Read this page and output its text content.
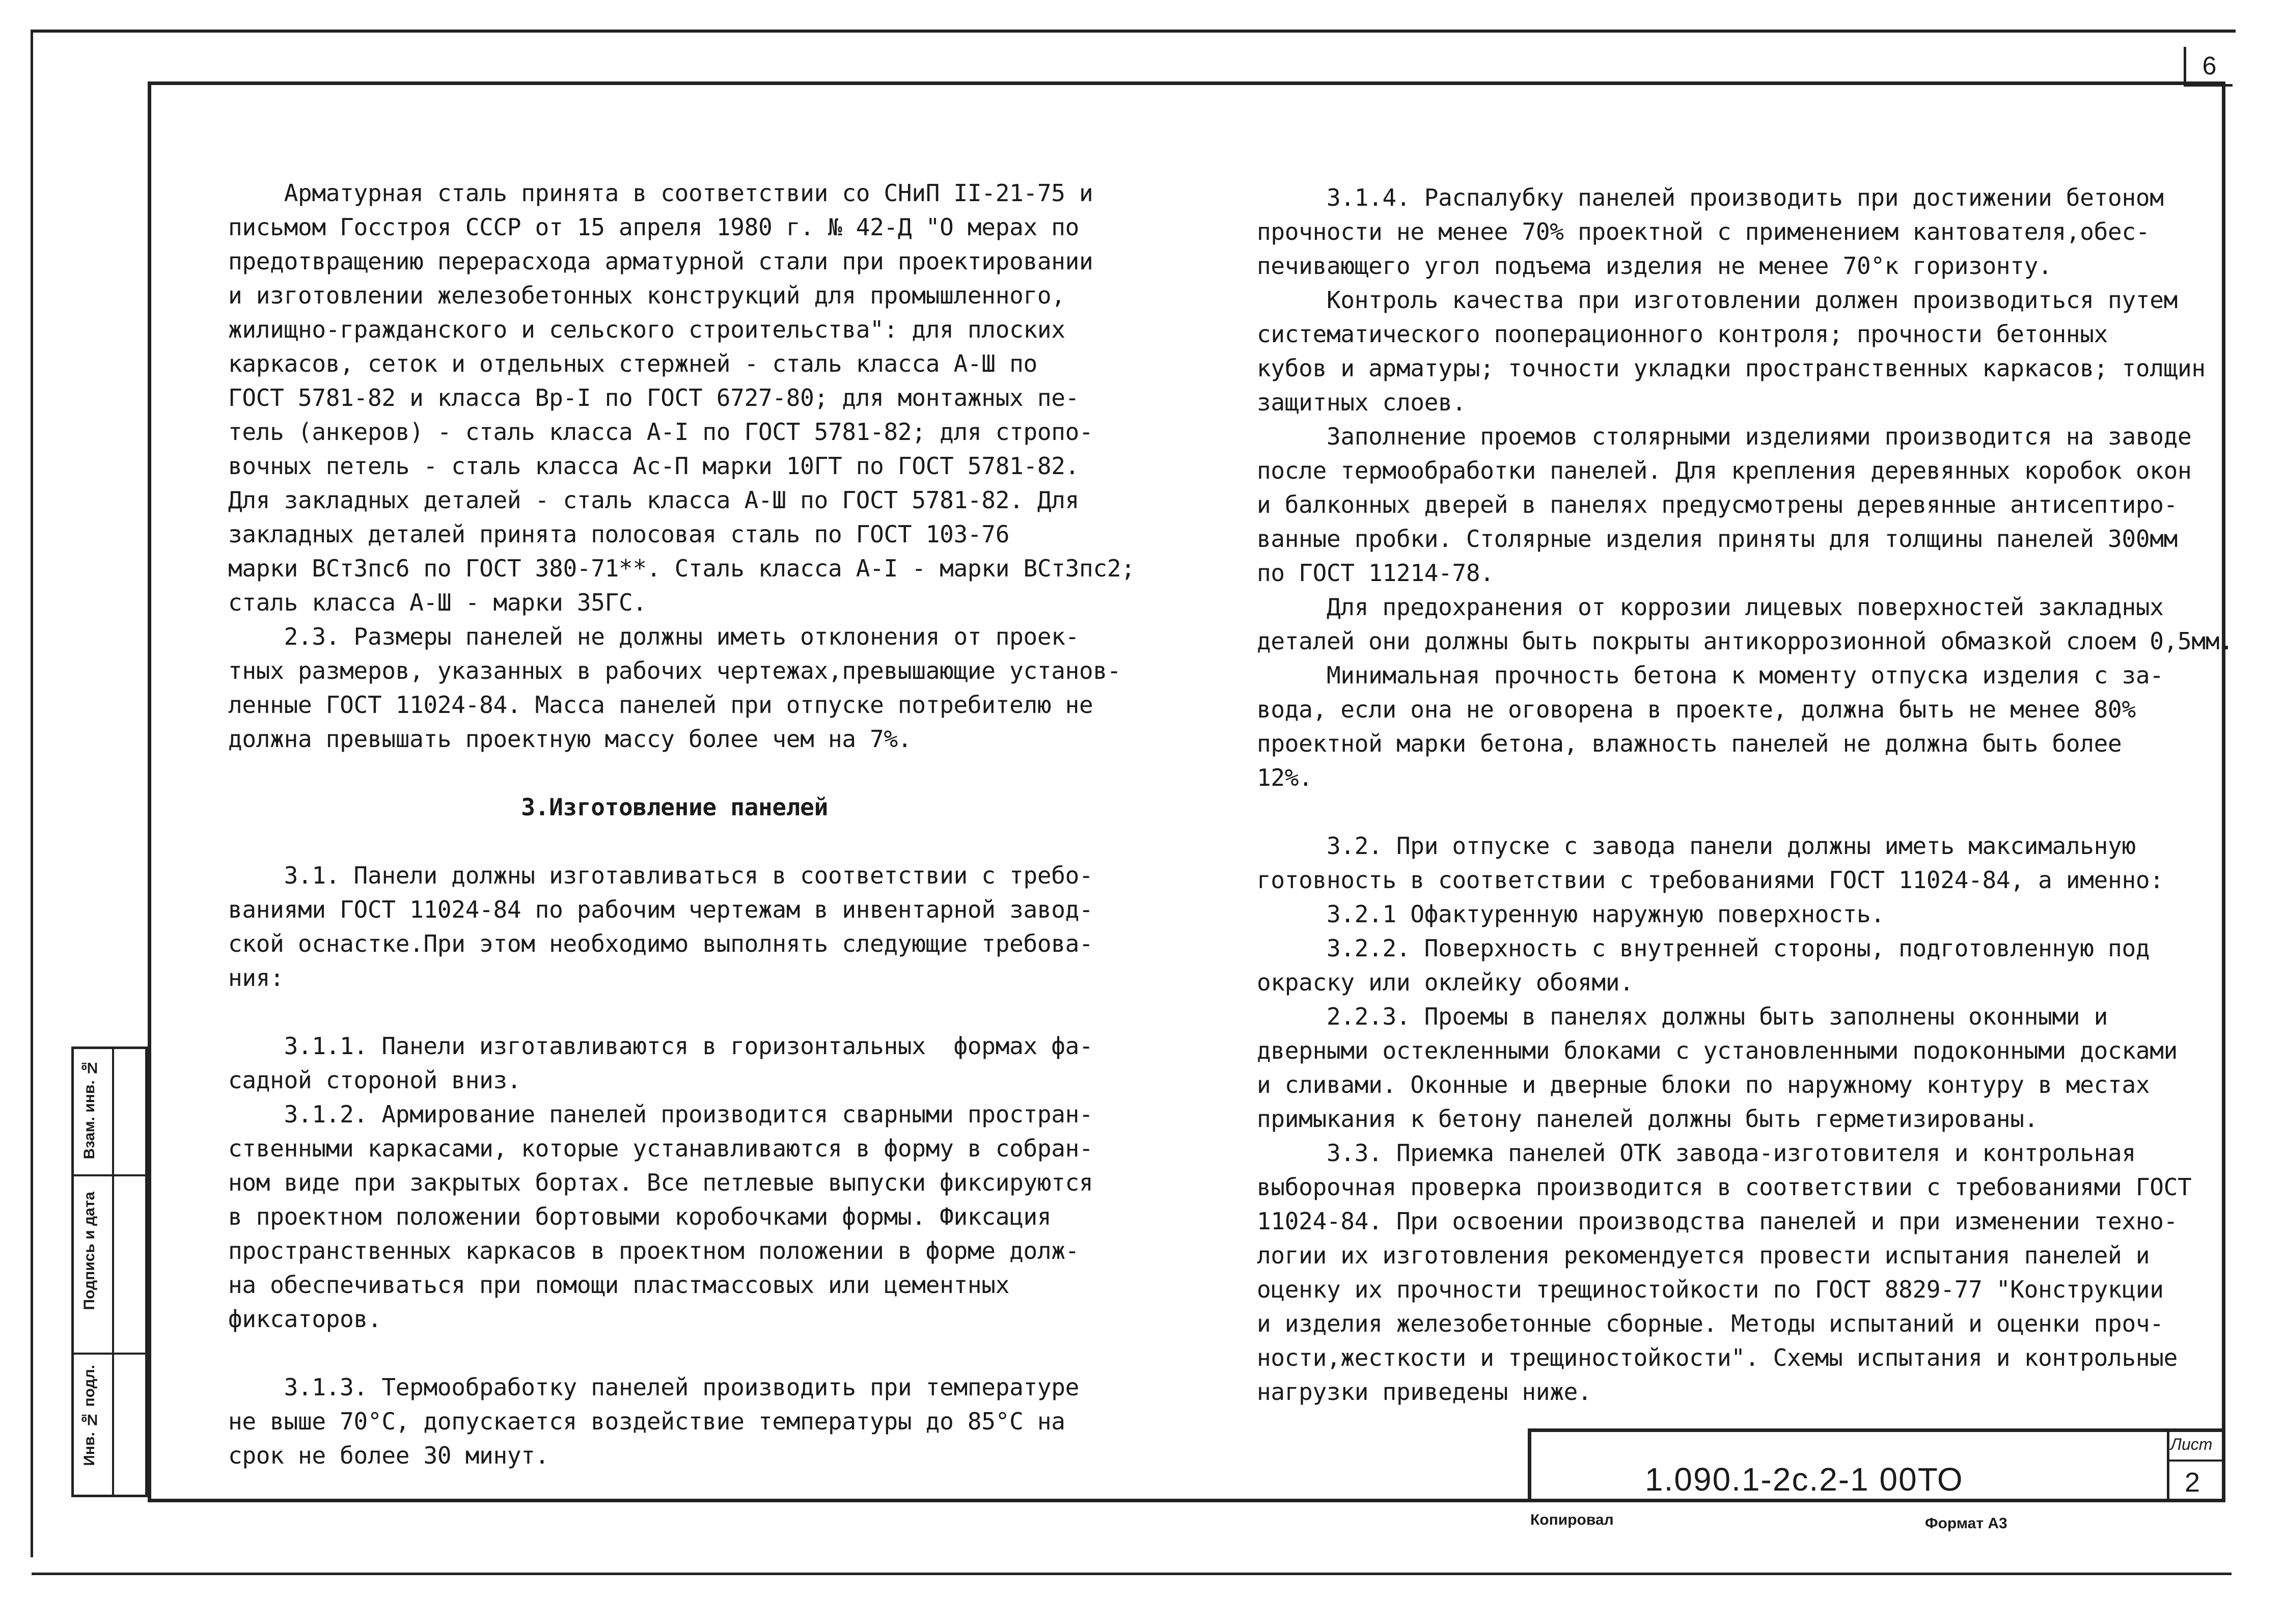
6
Арматурная сталь принята в соответствии со СНиП II-21-75 и
письмом Госстроя СССР от 15 апреля 1980 г. № 42-Д "О мерах по
предотвращению перерасхода арматурной стали при проектировании
и изготовлении железобетонных конструкций для промышленного,
жилищно-гражданского и сельского строительства": для плоских
каркасов, сеток и отдельных стержней - сталь класса А-Ш по
ГОСТ 5781-82 и класса Вр-I по ГОСТ 6727-80; для монтажных пе-
тель (анкеров) - сталь класса A-I по ГОСТ 5781-82; для стропо-
вочных петель - сталь класса Ас-П марки 10ГТ по ГОСТ 5781-82.
Для закладных деталей - сталь класса А-Ш по ГОСТ 5781-82. Для
закладных деталей принята полосовая сталь по ГОСТ 103-76
марки ВСт3пс6 по ГОСТ 380-71**. Сталь класса A-I - марки ВСт3пс2;
сталь класса А-Ш - марки 35ГС.
2.3. Размеры панелей не должны иметь отклонения от проек-
тных размеров, указанных в рабочих чертежах,превышающие установ-
ленные ГОСТ 11024-84. Масса панелей при отпуске потребителю не
должна превышать проектную массу более чем на 7%.

3.Изготовление панелей

3.1. Панели должны изготавливаться в соответствии с требо-
ваниями ГОСТ 11024-84 по рабочим чертежам в инвентарной завод-
ской оснастке.При этом необходимо выполнять следующие требова-
ния:

3.1.1. Панели изготавливаются в горизонтальных  формах фа-
садной стороной вниз.
3.1.2. Армирование панелей производится сварными простран-
ственными каркасами, которые устанавливаются в форму в собран-
ном виде при закрытых бортах. Все петлевые выпуски фиксируются
в проектном положении бортовыми коробочками формы. Фиксация
пространственных каркасов в проектном положении в форме долж-
на обеспечиваться при помощи пластмассовых или цементных
фиксаторов.

3.1.3. Термообработку панелей производить при температуре
не выше 70°С, допускается воздействие температуры до 85°С на
срок не более 30 минут.
3.1.4. Распалубку панелей производить при достижении бетоном
прочности не менее 70% проектной с применением кантователя,обес-
печивающего угол подъема изделия не менее 70°к горизонту.
Контроль качества при изготовлении должен производиться путем
систематического пооперационного контроля; прочности бетонных
кубов и арматуры; точности укладки пространственных каркасов; толщин
защитных слоев.
Заполнение проемов столярными изделиями производится на заводе
после термообработки панелей. Для крепления деревянных коробок окон
и балконных дверей в панелях предусмотрены деревянные антисептиро-
ванные пробки. Столярные изделия приняты для толщины панелей 300мм
по ГОСТ 11214-78.
Для предохранения от коррозии лицевых поверхностей закладных
деталей они должны быть покрыты антикоррозионной обмазкой слоем 0,5мм.
Минимальная прочность бетона к моменту отпуска изделия с за-
вода, если она не оговорена в проекте, должна быть не менее 80%
проектной марки бетона, влажность панелей не должна быть более
12%.

3.2. При отпуске с завода панели должны иметь максимальную
готовность в соответствии с требованиями ГОСТ 11024-84, а именно:
3.2.1 Офактуренную наружную поверхность.
3.2.2. Поверхность с внутренней стороны, подготовленную под
окраску или оклейку обоями.
2.2.3. Проемы в панелях должны быть заполнены оконными и
дверными остекленными блоками с установленными подоконными досками
и сливами. Оконные и дверные блоки по наружному контуру в местах
примыкания к бетону панелей должны быть герметизированы.
3.3. Приемка панелей ОТК завода-изготовителя и контрольная
выборочная проверка производится в соответствии с требованиями ГОСТ
11024-84. При освоении производства панелей и при изменении техно-
логии их изготовления рекомендуется провести испытания панелей и
оценку их прочности трещиностойкости по ГОСТ 8829-77 "Конструкции
и изделия железобетонные сборные. Методы испытаний и оценки проч-
ности,жесткости и трещиностойкости". Схемы испытания и контрольные
нагрузки приведены ниже.
Взам. инв. №
Подпись и дата
Инв. № подл.
1.090.1-2с.2-1 00ТО
Лист
2
Копировал	Формат А3
